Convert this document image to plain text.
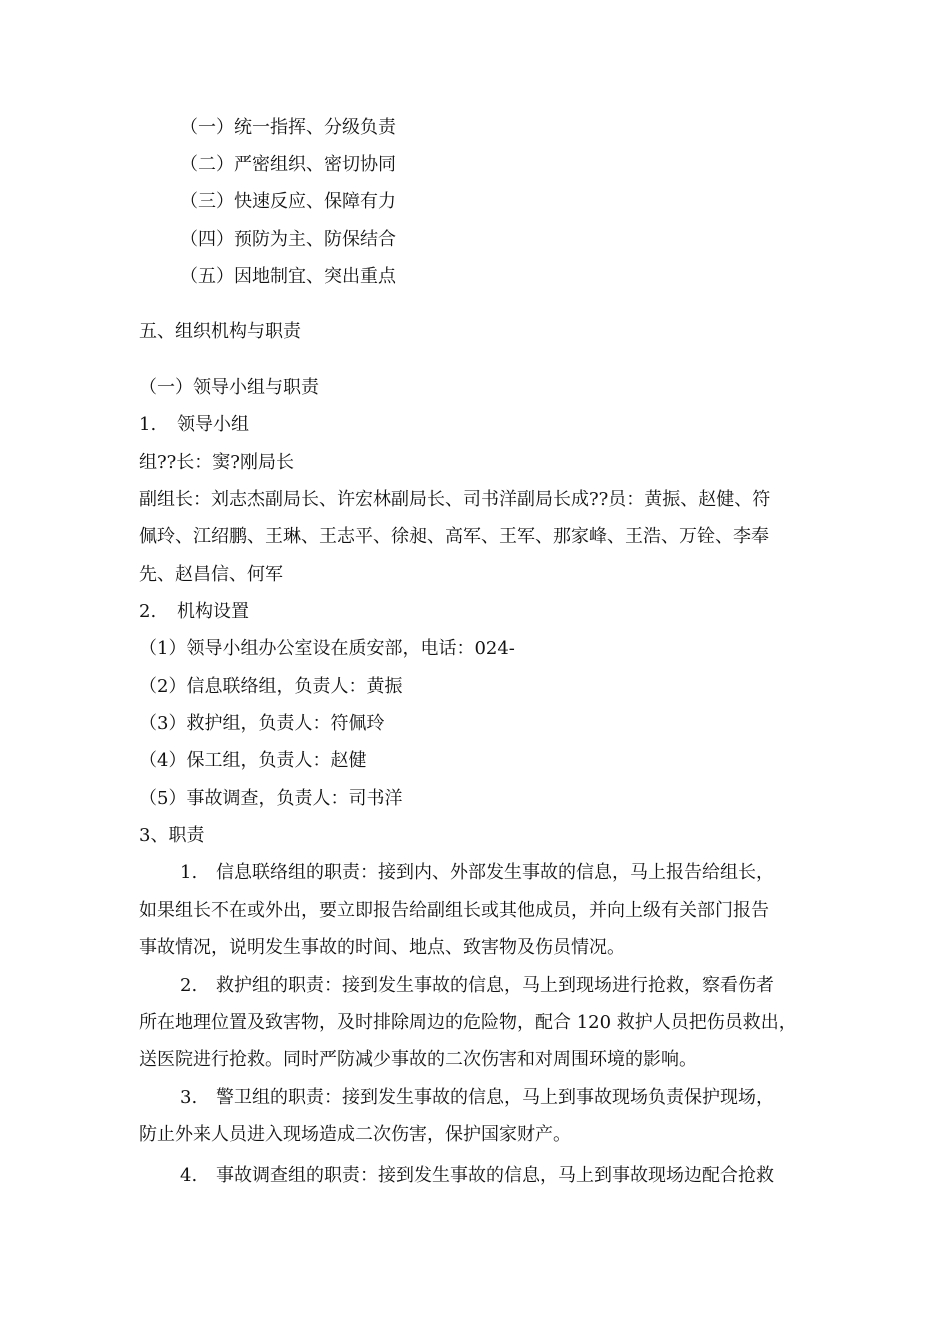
（一）统一指挥、分级负责
（二）严密组织、密切协同
（三）快速反应、保障有力
（四）预防为主、防保结合
（五）因地制宜、突出重点
五、组织机构与职责
（一）领导小组与职责
1. 领导小组
组??长：窦?刚局长
副组长：刘志杰副局长、许宏林副局长、司书洋副局长成??员：黄振、赵健、符
佩玲、江绍鹏、王琳、王志平、徐昶、高军、王军、那家峰、王浩、万铨、李奉
先、赵昌信、何军
2. 机构设置
（1）领导小组办公室设在质安部，电话：024-
（2）信息联络组，负责人：黄振
（3）救护组，负责人：符佩玲
（4）保工组，负责人：赵健
（5）事故调查，负责人：司书洋
3、职责
1. 信息联络组的职责：接到内、外部发生事故的信息，马上报告给组长，
如果组长不在或外出，要立即报告给副组长或其他成员，并向上级有关部门报告
事故情况，说明发生事故的时间、地点、致害物及伤员情况。
2. 救护组的职责：接到发生事故的信息，马上到现场进行抢救，察看伤者
所在地理位置及致害物，及时排除周边的危险物，配合 120 救护人员把伤员救出，
送医院进行抢救。同时严防减少事故的二次伤害和对周围环境的影响。
3. 警卫组的职责：接到发生事故的信息，马上到事故现场负责保护现场，
防止外来人员进入现场造成二次伤害，保护国家财产。
4. 事故调查组的职责：接到发生事故的信息，马上到事故现场边配合抢救
